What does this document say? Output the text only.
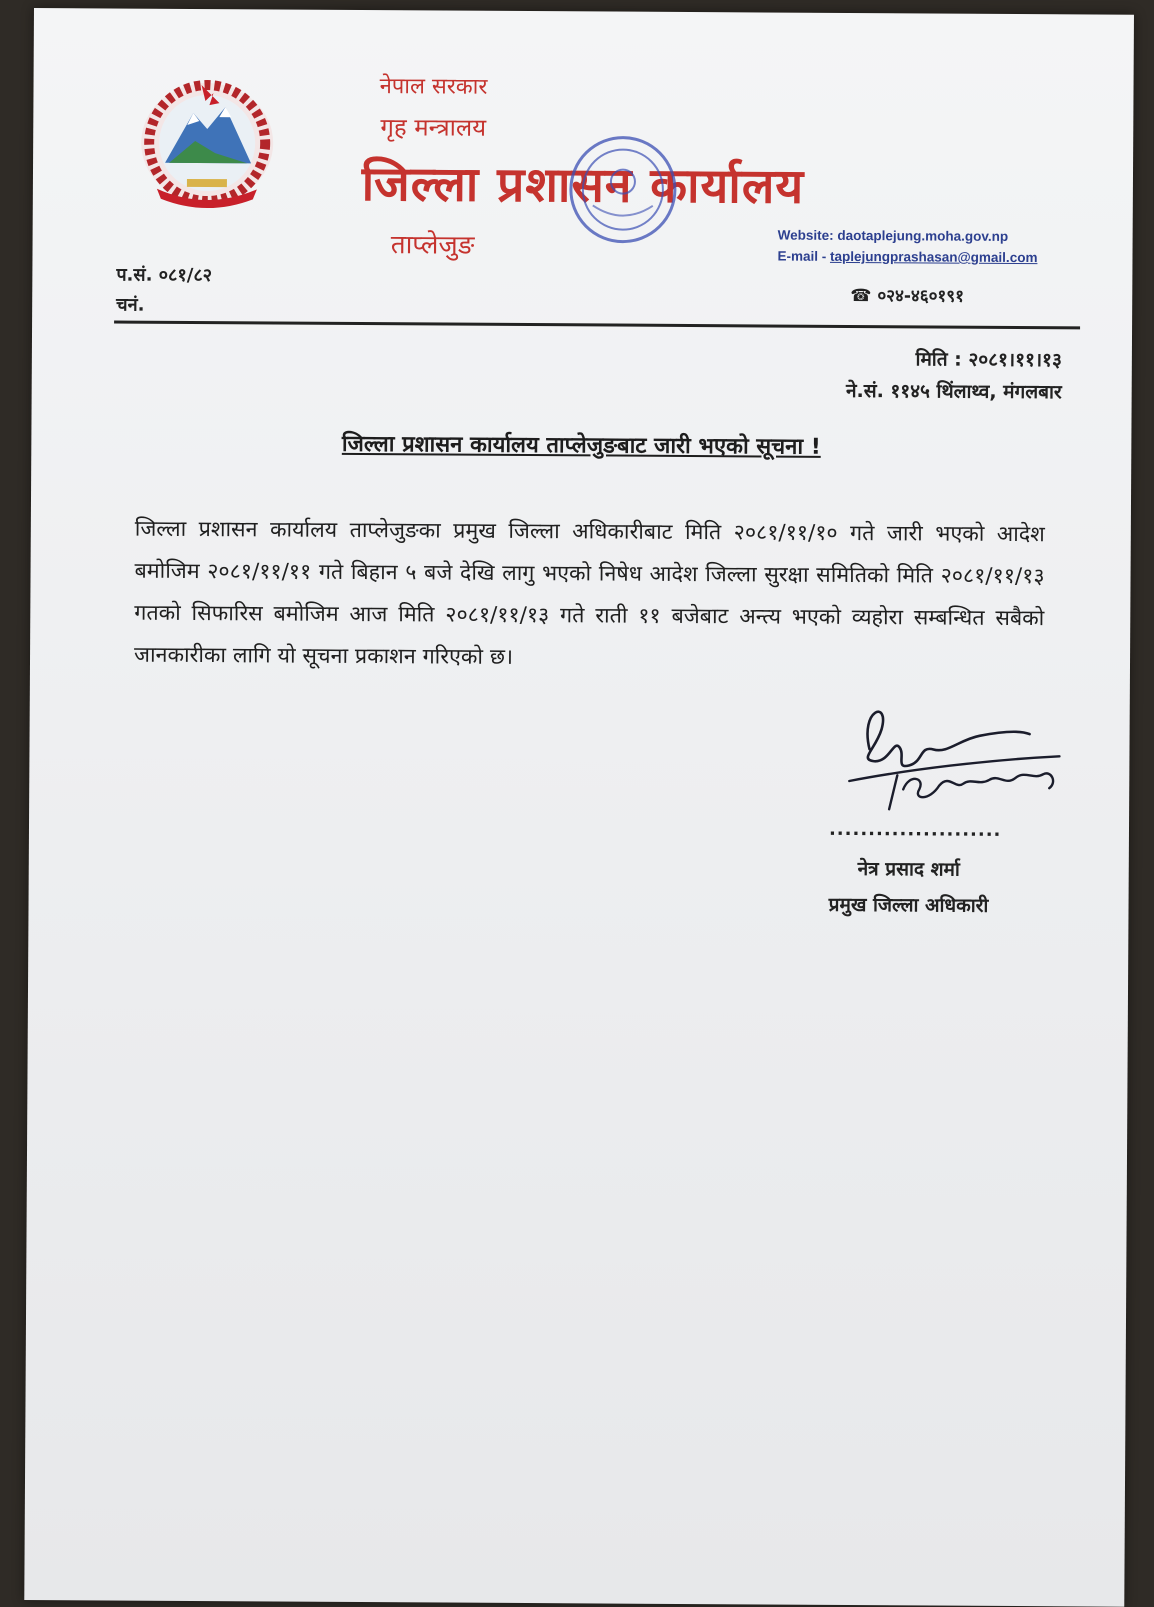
नेपाल सरकार
गृह मन्त्रालय
जिल्ला प्रशासन कार्यालय
ताप्लेजुङ	Website: daotaplejung.moha.gov.np
E-mail - taplejungprashasan@gmail.com
प.सं. ०८१/८२
चनं.	☎ ०२४-४६०१९१
मिति : २०८१।११।१३
ने.सं. ११४५ थिंलाथ्व, मंगलबार
जिल्ला प्रशासन कार्यालय ताप्लेजुङबाट जारी भएको सूचना !
जिल्ला प्रशासन कार्यालय ताप्लेजुङका प्रमुख जिल्ला अधिकारीबाट मिति २०८१/११/१० गते जारी भएको आदेश बमोजिम २०८१/११/११ गते बिहान ५ बजे देखि लागु भएको निषेध आदेश जिल्ला सुरक्षा समितिको मिति २०८१/११/१३ गतको सिफारिस बमोजिम आज मिति २०८१/११/१३ गते राती ११ बजेबाट अन्त्य भएको व्यहोरा सम्बन्धित सबैको जानकारीका लागि यो सूचना प्रकाशन गरिएको छ।
......................
नेत्र प्रसाद शर्मा
प्रमुख जिल्ला अधिकारी
